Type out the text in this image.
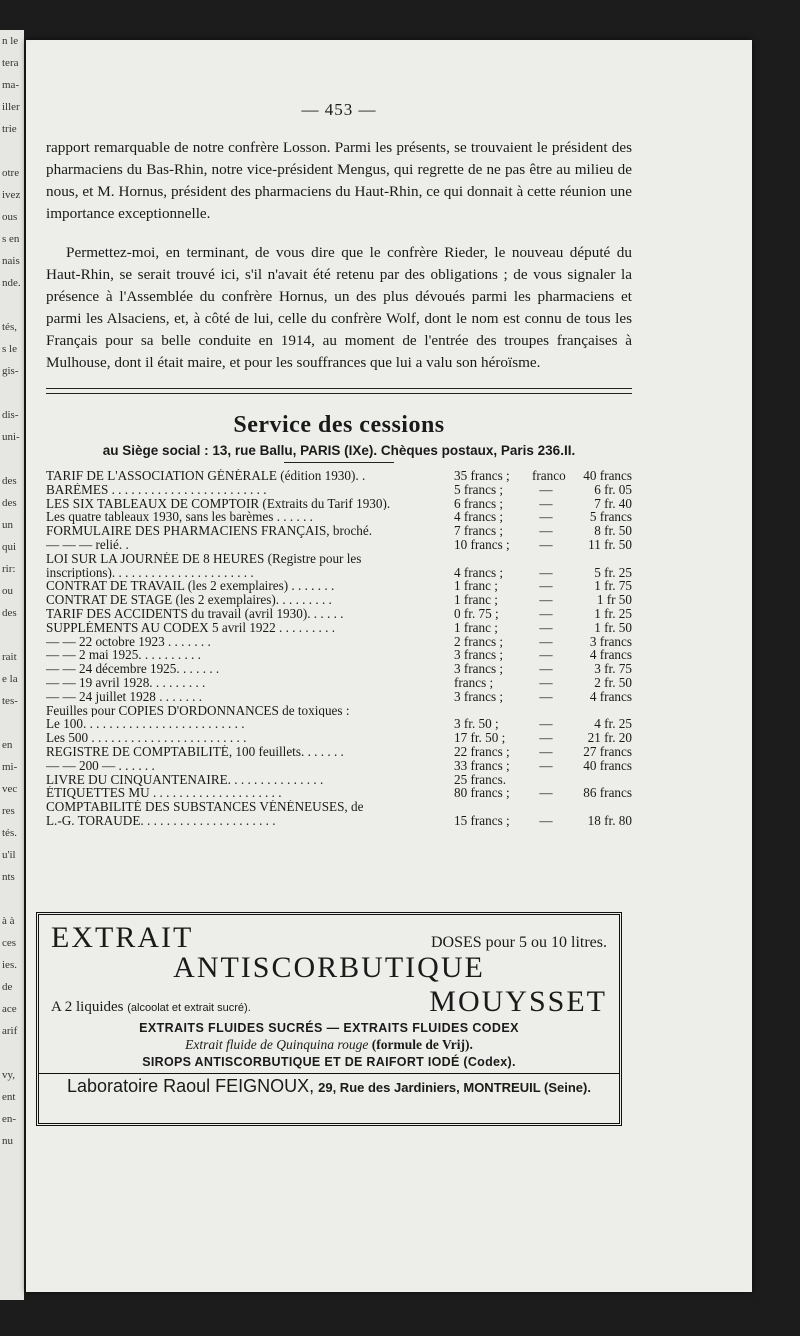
n le
tera
ma-
iller
trie

otre
ivez
ous
s en
nais
nde.

tés,
s le
gis-

dis-
uni-

des
des
un
qui
rir:
ou
des

rait
e la
tes-

en
mi-
vec
res
tés.
u'il
nts

à à
ces
ies.
de
ace
arif

vy,
ent
en-
nu
— 453 —

rapport remarquable de notre confrère Losson. Parmi les présents, se trouvaient le président des pharmaciens du Bas-Rhin, notre vice-président Mengus, qui regrette de ne pas être au milieu de nous, et M. Hornus, président des pharmaciens du Haut-Rhin, ce qui donnait à cette réunion une importance exceptionnelle.

Permettez-moi, en terminant, de vous dire que le confrère Rieder, le nouveau député du Haut-Rhin, se serait trouvé ici, s'il n'avait été retenu par des obligations ; de vous signaler la présence à l'Assemblée du confrère Hornus, un des plus dévoués parmi les pharmaciens et parmi les Alsaciens, et, à côté de lui, celle du confrère Wolf, dont le nom est connu de tous les Français pour sa belle conduite en 1914, au moment de l'entrée des troupes françaises à Mulhouse, dont il était maire, et pour les souffrances que lui a valu son héroïsme.

Service des cessions
au Siège social : 13, rue Ballu, PARIS (IXe). Chèques postaux, Paris 236.II.
TARIF DE L'ASSOCIATION GÉNÉRALE (édition 1930). .	35 francs ;	franco	40 francs
BARÈMES . . . . . . . . . . . . . . . . . . . . . . . .	5 francs ;	—	6 fr. 05
LES SIX TABLEAUX DE COMPTOIR (Extraits du Tarif 1930).	6 francs ;	—	7 fr. 40
Les quatre tableaux 1930, sans les barèmes . . . . . .	4 francs ;	—	5 francs
FORMULAIRE DES PHARMACIENS FRANÇAIS, broché.	7 francs ;	—	8 fr. 50
— — — relié. .	10 francs ;	—	11 fr. 50
LOI SUR LA JOURNÉE DE 8 HEURES (Registre pour les
inscriptions). . . . . . . . . . . . . . . . . . . . . .	4 francs ;	—	5 fr. 25
CONTRAT DE TRAVAIL (les 2 exemplaires) . . . . . . .	1 franc ;	—	1 fr. 75
CONTRAT DE STAGE (les 2 exemplaires). . . . . . . . .	1 franc ;	—	1 fr 50
TARIF DES ACCIDENTS du travail (avril 1930). . . . . .	0 fr. 75 ;	—	1 fr. 25
SUPPLÉMENTS AU CODEX 5 avril 1922 . . . . . . . . .	1 franc ;	—	1 fr. 50
— — 22 octobre 1923 . . . . . . .	2 francs ;	—	3 francs
— — 2 mai 1925. . . . . . . . . .	3 francs ;	—	4 francs
— — 24 décembre 1925. . . . . . .	3 francs ;	—	3 fr. 75
— — 19 avril 1928. . . . . . . . .	francs ;	—	2 fr. 50
— — 24 juillet 1928 . . . . . . .	3 francs ;	—	4 francs
Feuilles pour COPIES D'ORDONNANCES de toxiques :
Le 100. . . . . . . . . . . . . . . . . . . . . . . . .	3 fr. 50 ;	—	4 fr. 25
Les 500 . . . . . . . . . . . . . . . . . . . . . . . .	17 fr. 50 ;	—	21 fr. 20
REGISTRE DE COMPTABILITÉ, 100 feuillets. . . . . . .	22 francs ;	—	27 francs
— — 200 — . . . . . .	33 francs ;	—	40 francs
LIVRE DU CINQUANTENAIRE. . . . . . . . . . . . . . .	25 francs.
ÉTIQUETTES MU . . . . . . . . . . . . . . . . . . . .	80 francs ;	—	86 francs
COMPTABILITÉ DES SUBSTANCES VÉNÉNEUSES, de
L.-G. TORAUDE. . . . . . . . . . . . . . . . . . . . .	15 francs ;	—	18 fr. 80
EXTRAIT	DOSES pour 5 ou 10 litres.
ANTISCORBUTIQUE
A 2 liquides (alcoolat et extrait sucré).	MOUYSSET
EXTRAITS FLUIDES SUCRÉS — EXTRAITS FLUIDES CODEX
Extrait fluide de Quinquina rouge (formule de Vrij).
SIROPS ANTISCORBUTIQUE ET DE RAIFORT IODÉ (Codex).
Laboratoire Raoul FEIGNOUX, 29, Rue des Jardiniers, MONTREUIL (Seine).
